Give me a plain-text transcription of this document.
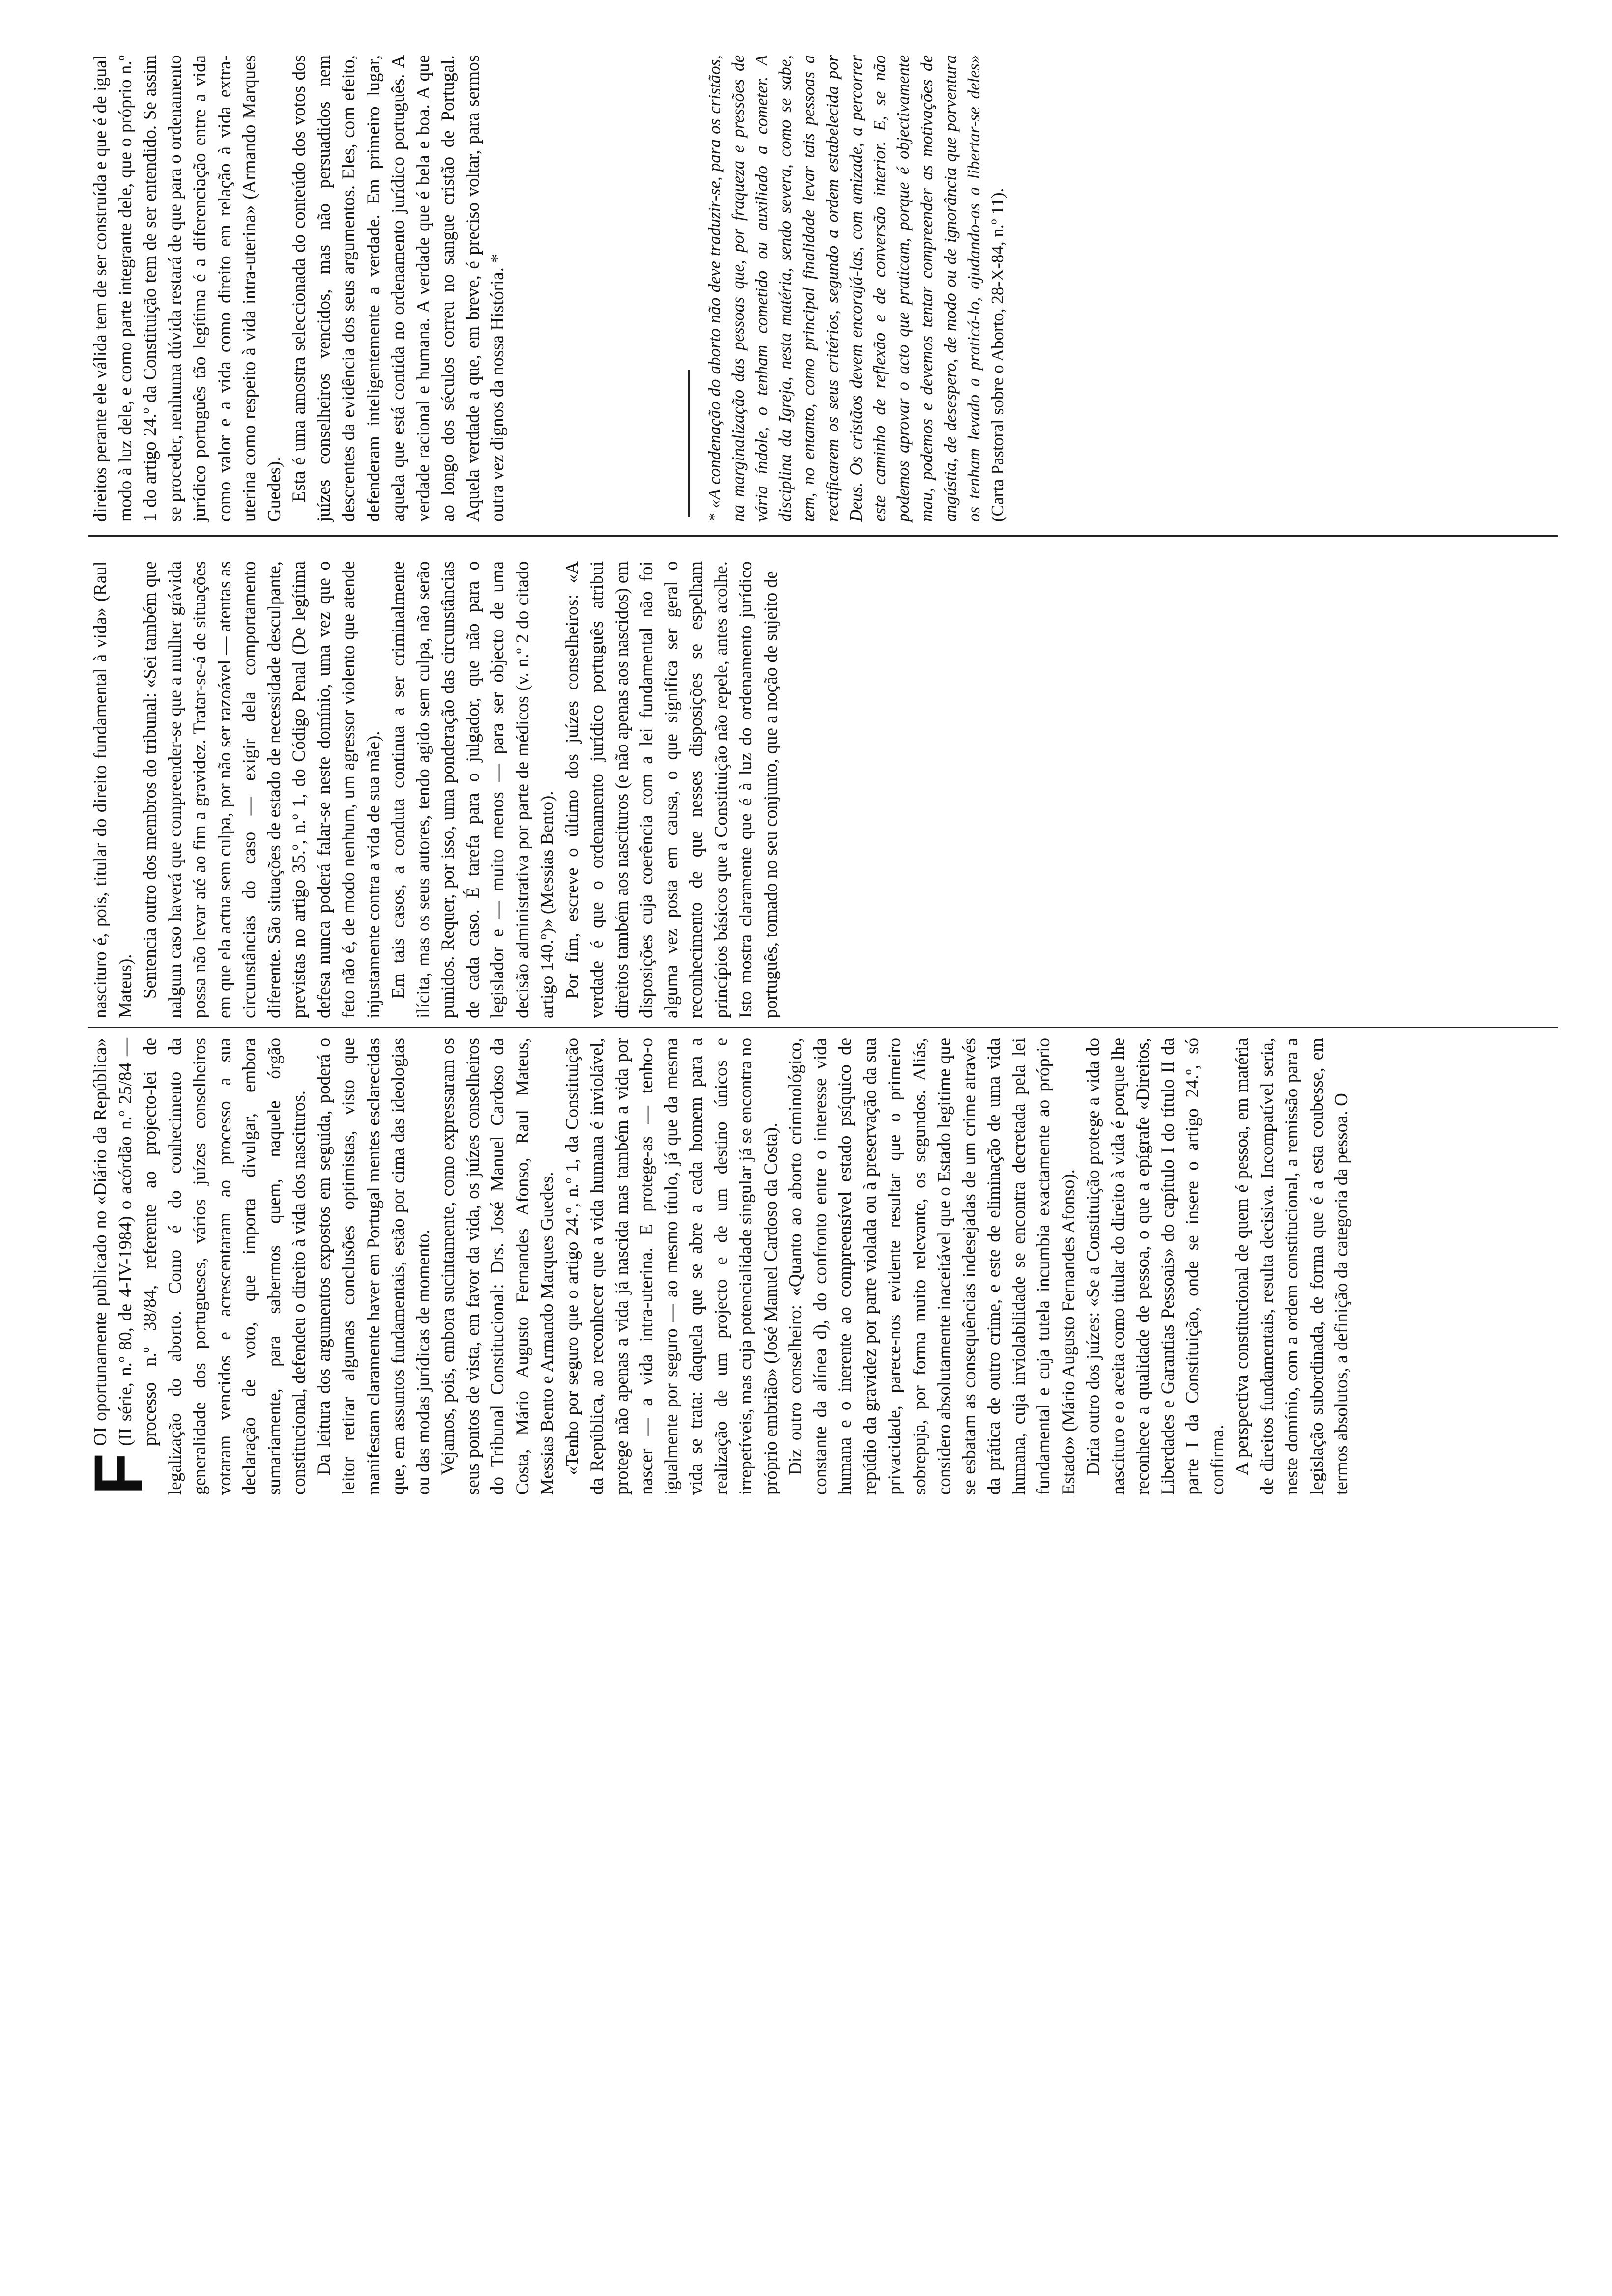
F

OI oportunamente publicado no «Diário da República» (II série, n.º 80, de 4-IV-1984) o acórdão n.º 25/84 — processo n.º 38/84, referente ao projecto-lei de legalização do aborto. Como é do conhecimento da generalidade dos portugueses, vários juízes conselheiros votaram vencidos e acrescentaram ao processo a sua declaração de voto, que importa divulgar, embora sumariamente, para sabermos quem, naquele órgão constitucional, defendeu o direito à vida dos nascituros. Da leitura dos argumentos expostos em seguida, poderá o leitor retirar algumas conclusões optimistas, visto que manifestam claramente haver em Portugal mentes esclarecidas que, em assuntos fundamentais, estão por cima das ideologias ou das modas jurídicas de momento. Vejamos, pois, embora sucintamente, como expressaram os seus pontos de vista, em favor da vida, os juízes conselheiros do Tribunal Constitucional: Drs. José Manuel Cardoso da Costa, Mário Augusto Fernandes Afonso, Raul Mateus, Messias Bento e Armando Marques Guedes. «Tenho por seguro que o artigo 24.º, n.º 1, da Constituição da República, ao reconhecer que a vida humana é inviolável, protege não apenas a vida já nascida mas também a vida por nascer — a vida intra-uterina. E protege-as — tenho-o igualmente por seguro — ao mesmo título, já que da mesma vida se trata: daquela que se abre a cada homem para a realização de um projecto e de um destino únicos e irrepetíveis, mas cuja potencialidade singular já se encontra no próprio embrião» (José Manuel Cardoso da Costa). Diz outro conselheiro: «Quanto ao aborto criminológico, constante da alínea d), do confronto entre o interesse vida humana e o inerente ao compreensível estado psíquico de repúdio da gravidez por parte violada ou à preservação da sua privacidade, parece-nos evidente resultar que o primeiro sobrepuja, por forma muito relevante, os segundos. Aliás, considero absolutamente inaceitável que o Estado legitime que se esbatam as consequências indesejadas de um crime através da prática de outro crime, e este de eliminação de uma vida humana, cuja inviolabilidade se encontra decretada pela lei fundamental e cuja tutela incumbia exactamente ao próprio Estado» (Mário Augusto Fernandes Afonso). Diria outro dos juízes: «Se a Constituição protege a vida do nascituro e o aceita como titular do direito à vida é porque lhe reconhece a qualidade de pessoa, o que a epígrafe «Direitos, Liberdades e Garantias Pessoais» do capítulo I do título II da parte I da Constituição, onde se insere o artigo 24.º, só confirma. A perspectiva constitucional de quem é pessoa, em matéria de direitos fundamentais, resulta decisiva. Incompatível seria, neste domínio, com a ordem constitucional, a remissão para a legislação subordinada, de forma que é a esta coubesse, em termos absolutos, a definição da categoria da pessoa. O

nascituro é, pois, titular do direito fundamental à vida» (Raul Mateus). Sentencia outro dos membros do tribunal: «Sei também que nalgum caso haverá que compreender-se que a mulher grávida possa não levar até ao fim a gravidez. Tratar-se-á de situações em que ela actua sem culpa, por não ser razoável — atentas as circunstâncias do caso — exigir dela comportamento diferente. São situações de estado de necessidade desculpante, previstas no artigo 35.º, n.º 1, do Código Penal (De legítima defesa nunca poderá falar-se neste domínio, uma vez que o feto não é, de modo nenhum, um agressor violento que atende injustamente contra a vida de sua mãe). Em tais casos, a conduta continua a ser criminalmente ilícita, mas os seus autores, tendo agido sem culpa, não serão punidos. Requer, por isso, uma ponderação das circunstâncias de cada caso. É tarefa para o julgador, que não para o legislador e — muito menos — para ser objecto de uma decisão administrativa por parte de médicos (v. n.º 2 do citado artigo 140.º)» (Messias Bento). Por fim, escreve o último dos juízes conselheiros: «A verdade é que o ordenamento jurídico português atribui direitos também aos nascituros (e não apenas aos nascidos) em disposições cuja coerência com a lei fundamental não foi alguma vez posta em causa, o que significa ser geral o reconhecimento de que nesses disposições se espelham princípios básicos que a Constituição não repele, antes acolhe. Isto mostra claramente que é à luz do ordenamento jurídico português, tomado no seu conjunto, que a noção de sujeito de

direitos perante ele válida tem de ser construída e que é de igual modo à luz dele, e como parte integrante dele, que o próprio n.º 1 do artigo 24.º da Constituição tem de ser entendido. Se assim se proceder, nenhuma dúvida restará de que para o ordenamento jurídico português tão legítima é a diferenciação entre a vida como valor e a vida como direito em relação à vida extra-uterina como respeito à vida intra-uterina» (Armando Marques Guedes). Esta é uma amostra seleccionada do conteúdo dos votos dos juízes conselheiros vencidos, mas não persuadidos nem descrentes da evidência dos seus argumentos. Eles, com efeito, defenderam inteligentemente a verdade. Em primeiro lugar, aquela que está contida no ordenamento jurídico português. A verdade racional e humana. A verdade que é bela e boa. A que ao longo dos séculos correu no sangue cristão de Portugal. Aquela verdade a que, em breve, é preciso voltar, para sermos outra vez dignos da nossa História. *	* «A condenação do aborto não deve traduzir-se, para os cristãos, na marginalização das pessoas que, por fraqueza e pressões de vária índole, o tenham cometido ou auxiliado a cometer. A disciplina da Igreja, nesta matéria, sendo severa, como se sabe, tem, no entanto, como principal finalidade levar tais pessoas a rectificarem os seus critérios, segundo a ordem estabelecida por Deus. Os cristãos devem encorajá-las, com amizade, a percorrer este caminho de reflexão e de conversão interior. E, se não podemos aprovar o acto que praticam, porque é objectivamente mau, podemos e devemos tentar compreender as motivações de angústia, de desespero, de modo ou de ignorância que porventura os tenham levado a praticá-lo, ajudando-as a libertar-se deles» (Carta Pastoral sobre o Aborto, 28-X-84, n.º 11).
